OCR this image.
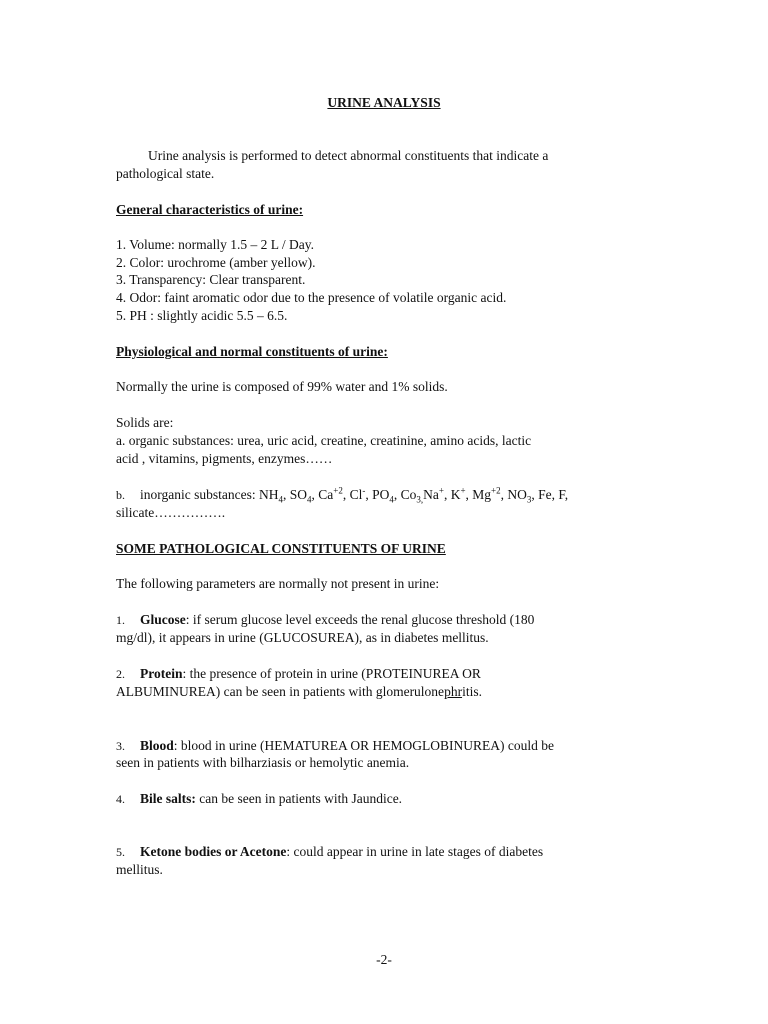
URINE ANALYSIS
Urine analysis is performed to detect abnormal constituents that indicate a
pathological state.
General characteristics of urine:
1. Volume: normally 1.5 – 2 L / Day.
2. Color: urochrome (amber yellow).
3. Transparency: Clear transparent.
4. Odor: faint aromatic odor due to the presence of volatile organic acid.
5. PH : slightly acidic 5.5 – 6.5.
Physiological and normal constituents of urine:
Normally the urine is composed of 99% water and 1% solids.
Solids are:
a. organic substances: urea, uric acid, creatine, creatinine, amino acids, lactic
acid , vitamins, pigments, enzymes……
b. inorganic substances: $NH_4$, $SO_4$, $Ca^{+2}$, Cl-, $PO_4$, $Co_{3,}Na^+$, K+, $Mg^{+2}$, $NO_3$, Fe, F,
silicate…………….
SOME PATHOLOGICAL CONSTITUENTS OF URINE
The following parameters are normally not present in urine:
1. Glucose: if serum glucose level exceeds the renal glucose threshold (180
mg/dl), it appears in urine (GLUCOSUREA), as in diabetes mellitus.
2. Protein: the presence of protein in urine (PROTEINUREA OR
ALBUMINUREA) can be seen in patients with glomerulonephritis.
3. Blood: blood in urine (HEMATUREA OR HEMOGLOBINUREA) could be
seen in patients with bilharziasis or hemolytic anemia.
4. Bile salts: can be seen in patients with Jaundice.
5. Ketone bodies or Acetone: could appear in urine in late stages of diabetes
mellitus.
-2-
